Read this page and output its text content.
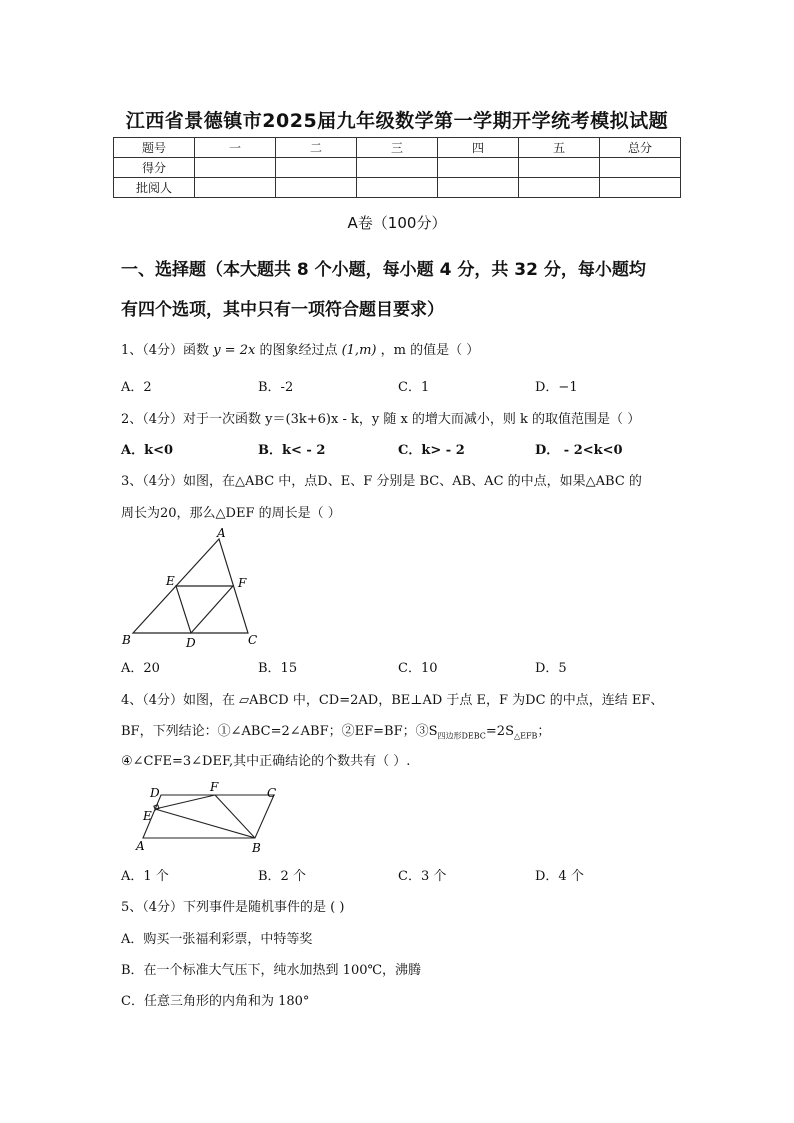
江西省景德镇市2025届九年级数学第一学期开学统考模拟试题
题号	一	二	三	四	五	总分
得分						
批阅人						
A卷（100分）
一、选择题（本大题共 8 个小题，每小题 4 分，共 32 分，每小题均
有四个选项，其中只有一项符合题目要求）
1、（4分）函数 y = 2x 的图象经过点 (1,m) ，m 的值是（ ）
A．2	B．-2	C．1	D．−1
2、（4分）对于一次函数 y＝(3k+6)x - k，y 随 x 的增大而减小，则 k 的取值范围是（ ）
A．k<0	B．k< - 2	C．k> - 2	D． - 2<k<0
3、（4分）如图，在△ABC 中，点D、E、F 分别是 BC、AB、AC 的中点，如果△ABC 的
周长为20，那么△DEF 的周长是（ ）
A
E	F
B	D	C
A．20	B．15	C．10	D．5
4、（4分）如图，在 ▱ABCD 中，CD=2AD，BE⊥AD 于点 E，F 为DC 的中点，连结 EF、
BF，下列结论：①∠ABC=2∠ABF；②EF=BF；$③S_{四边形DEBC}=2S_{\triangle EFB}$；
④∠CFE=3∠DEF,其中正确结论的个数共有（ ）.
D	F	C
E
A	B
A．1 个	B．2 个	C．3 个	D．4 个
5、（4分）下列事件是随机事件的是 ( )
A．购买一张福利彩票，中特等奖
B．在一个标准大气压下，纯水加热到 100℃，沸腾
C．任意三角形的内角和为 180°
